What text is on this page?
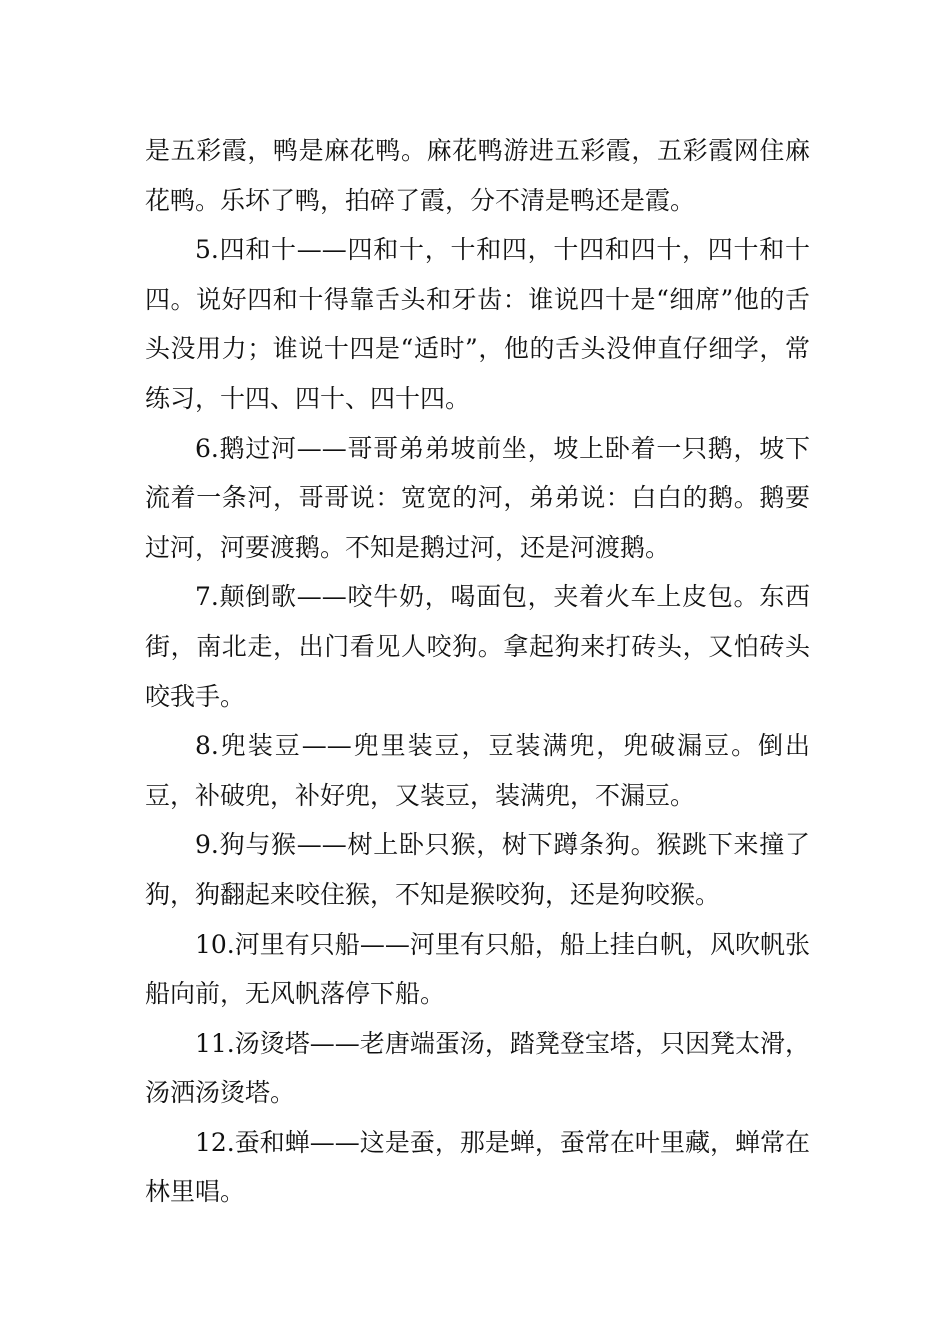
是五彩霞，鸭是麻花鸭。麻花鸭游进五彩霞，五彩霞网住麻花鸭。乐坏了鸭，拍碎了霞，分不清是鸭还是霞。

5.四和十——四和十，十和四，十四和四十，四十和十四。说好四和十得靠舌头和牙齿：谁说四十是“细席”他的舌头没用力；谁说十四是“适时”，他的舌头没伸直仔细学，常练习，十四、四十、四十四。

6.鹅过河——哥哥弟弟坡前坐，坡上卧着一只鹅，坡下流着一条河，哥哥说：宽宽的河，弟弟说：白白的鹅。鹅要过河，河要渡鹅。不知是鹅过河，还是河渡鹅。

7.颠倒歌——咬牛奶，喝面包，夹着火车上皮包。东西街，南北走，出门看见人咬狗。拿起狗来打砖头，又怕砖头咬我手。

8.兜装豆——兜里装豆，豆装满兜，兜破漏豆。倒出豆，补破兜，补好兜，又装豆，装满兜，不漏豆。

9.狗与猴——树上卧只猴，树下蹲条狗。猴跳下来撞了狗，狗翻起来咬住猴，不知是猴咬狗，还是狗咬猴。

10.河里有只船——河里有只船，船上挂白帆，风吹帆张船向前，无风帆落停下船。

11.汤烫塔——老唐端蛋汤，踏凳登宝塔，只因凳太滑，汤洒汤烫塔。

12.蚕和蝉——这是蚕，那是蝉，蚕常在叶里藏，蝉常在林里唱。
